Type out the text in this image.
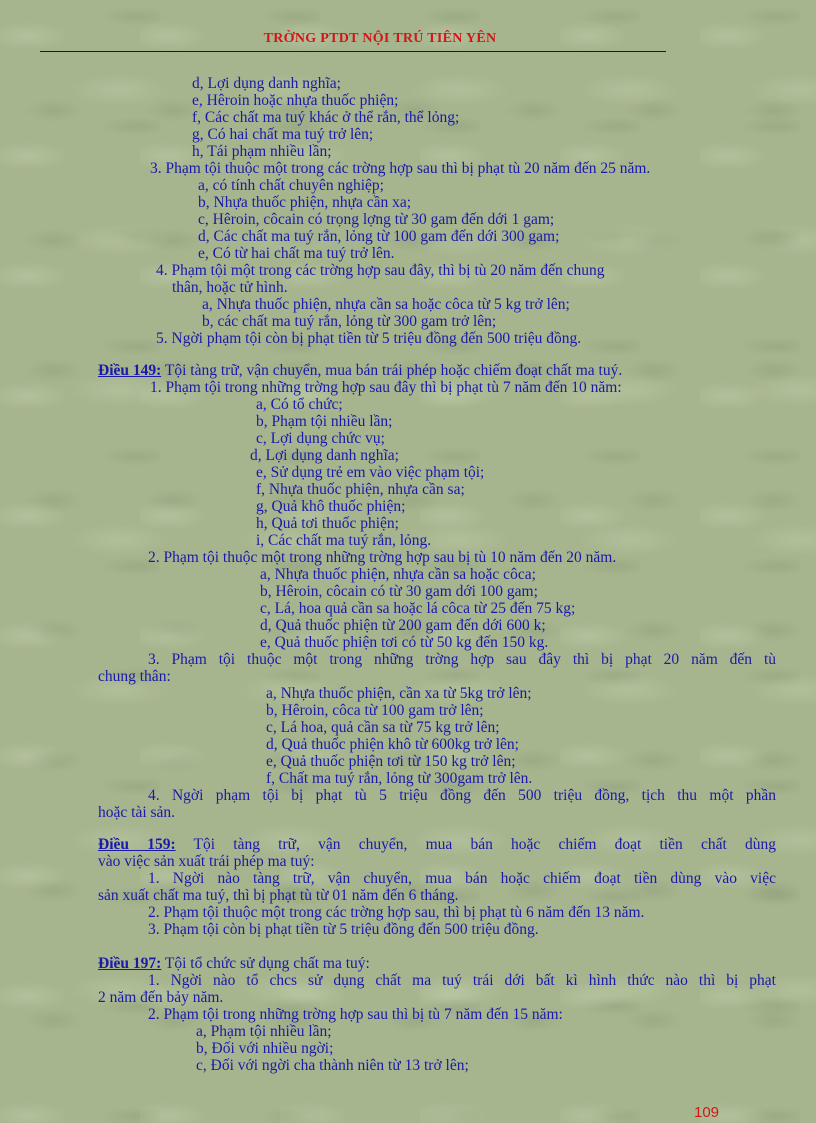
TRỜNG PTDT NỘI TRÚ TIÊN YÊN
d, Lợi dụng danh nghĩa;
e, Hêroin hoặc nhựa thuốc phiện;
f, Các chất ma tuý khác ở thể rắn, thể lỏng;
g, Có hai chất ma tuý trở lên;
h, Tái phạm nhiều lần;
3. Phạm tội thuộc một trong các trờng hợp sau thì bị phạt tù 20 năm đến 25 năm.
a, có tính chất chuyên nghiệp;
b, Nhựa thuốc phiện, nhựa cần xa;
c, Hêroin, côcain có trọng lợng từ 30 gam đến dới 1 gam;
d, Các chất ma tuý rắn, lỏng từ 100 gam đến dới 300 gam;
e, Có từ hai chất ma tuý trở lên.
4. Phạm tội một trong các trờng hợp sau đây, thì bị tù 20 năm đến chung
thân, hoặc tử hình.
a, Nhựa thuốc phiện, nhựa cần sa hoặc côca từ 5 kg trở lên;
b, các chất ma tuý rắn, lỏng từ 300 gam trở lên;
5. Ngời phạm tội còn bị phạt tiền từ 5 triệu đồng đến 500 triệu đồng.
Điều 149: Tội tàng trữ, vận chuyển, mua bán trái phép hoặc chiếm đoạt chất ma tuý.
1. Phạm tội trong những trờng hợp sau đây thì bị phạt tù 7 năm đến 10 năm:
a, Có tổ chức;
b, Phạm tội nhiều lần;
c, Lợi dụng chức vụ;
d, Lợi dụng danh nghĩa;
e, Sử dụng trẻ em vào việc phạm tội;
f, Nhựa thuốc phiện, nhựa cần sa;
g, Quả khô thuốc phiện;
h, Quả tơi thuốc phiện;
i, Các chất ma tuý rắn, lỏng.
2. Phạm tội thuộc một trong những trờng hợp sau bị tù 10 năm đến 20 năm.
a, Nhựa thuốc phiện, nhựa cần sa hoặc côca;
b, Hêroin, côcain có từ 30 gam dới 100 gam;
c, Lá, hoa quả cần sa hoặc lá côca từ 25 đến 75 kg;
d, Quả thuốc phiện từ 200 gam đến dới 600 k;
e, Quả thuốc phiện tơi có từ 50 kg đến 150 kg.
3. Phạm tội thuộc một trong những trờng hợp sau đây thì bị phạt 20 năm đến tù
chung thân:
a, Nhựa thuốc phiện, cần xa từ 5kg trở lên;
b, Hêroin, côca từ 100 gam trở lên;
c, Lá hoa, quả cần sa từ 75 kg trở lên;
d, Quả thuốc phiện khô từ 600kg trở lên;
e, Quả thuốc phiện tơi từ 150 kg trở lên;
f, Chất ma tuý rắn, lỏng từ 300gam trở lên.
4. Ngời phạm tội bị phạt tù 5 triệu đồng đến 500 triệu đồng, tịch thu một phần
hoặc tài sản.
Điều 159: Tội tàng trữ, vận chuyển, mua bán hoặc chiếm đoạt tiền chất dùng
vào việc sản xuất trái phép ma tuý:
1. Ngời nào tàng trữ, vận chuyển, mua bán hoặc chiếm đoạt tiền dùng vào việc
sản xuất chất ma tuý, thì bị phạt tù từ 01 năm đến 6 tháng.
2. Phạm tội thuộc một trong các trờng hợp sau, thì bị phạt tù 6 năm đến 13 năm.
3. Phạm tội còn bị phạt tiền từ 5 triệu đồng đến 500 triệu đồng.
Điều 197: Tội tổ chức sử dụng chất ma tuý:
1. Ngời nào tổ chcs sử dụng chất ma tuý trái dới bất kì hình thức nào thì bị phạt
2 năm đến bảy năm.
2. Phạm tội trong những trờng hợp sau thì bị tù 7 năm đến 15 năm:
a, Phạm tội nhiều lần;
b, Đối với nhiều ngời;
c, Đối với ngời cha thành niên từ 13 trở lên;
109
